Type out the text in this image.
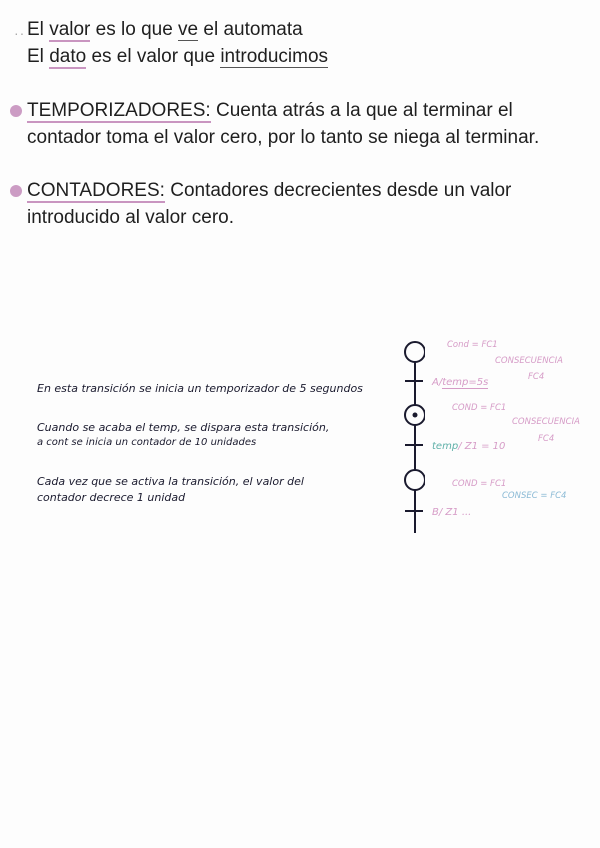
·· El valor es lo que ve el automata
El dato es el valor que introducimos
TEMPORIZADORES: Cuenta atrás a la que al terminar el
contador toma el valor cero, por lo tanto se niega al terminar.
CONTADORES: Contadores decrecientes desde un valor
introducido al valor cero.
En esta transición se inicia un temporizador de 5 segundos
Cuando se acaba el temp, se dispara esta transición,
a cont se inicia un contador de 10 unidades
Cada vez que se activa la transición, el valor del
contador decrece 1 unidad
Cond = FC1
CONSECUENCIA
FC4
A/temp=5s
COND = FC1
CONSECUENCIA
FC4
temp/ Z1 = 10
COND = FC1
CONSEC = FC4
B/ Z1 ...
